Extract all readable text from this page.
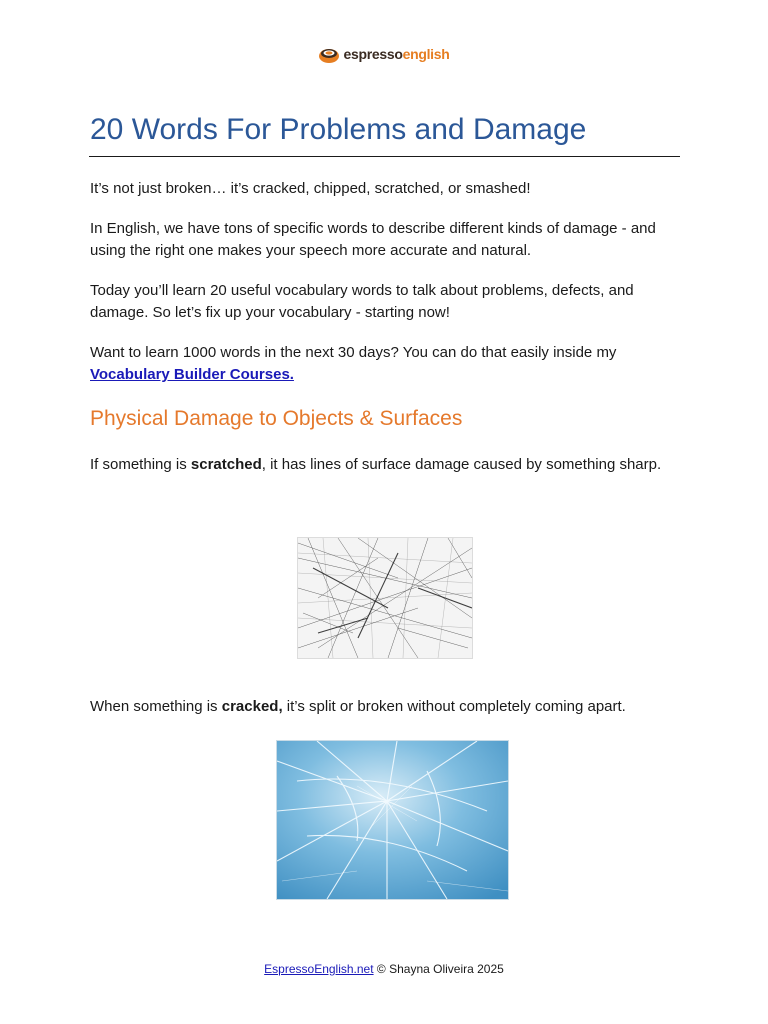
espressoenglish
20 Words For Problems and Damage

It’s not just broken… it’s cracked, chipped, scratched, or smashed!

In English, we have tons of specific words to describe different kinds of damage - and using the right one makes your speech more accurate and natural.

Today you’ll learn 20 useful vocabulary words to talk about problems, defects, and damage. So let’s fix up your vocabulary - starting now!

Want to learn 1000 words in the next 30 days? You can do that easily inside my Vocabulary Builder Courses.

Physical Damage to Objects & Surfaces

If something is scratched, it has lines of surface damage caused by something sharp.

When something is cracked, it’s split or broken without completely coming apart.

EspressoEnglish.net © Shayna Oliveira 2025
